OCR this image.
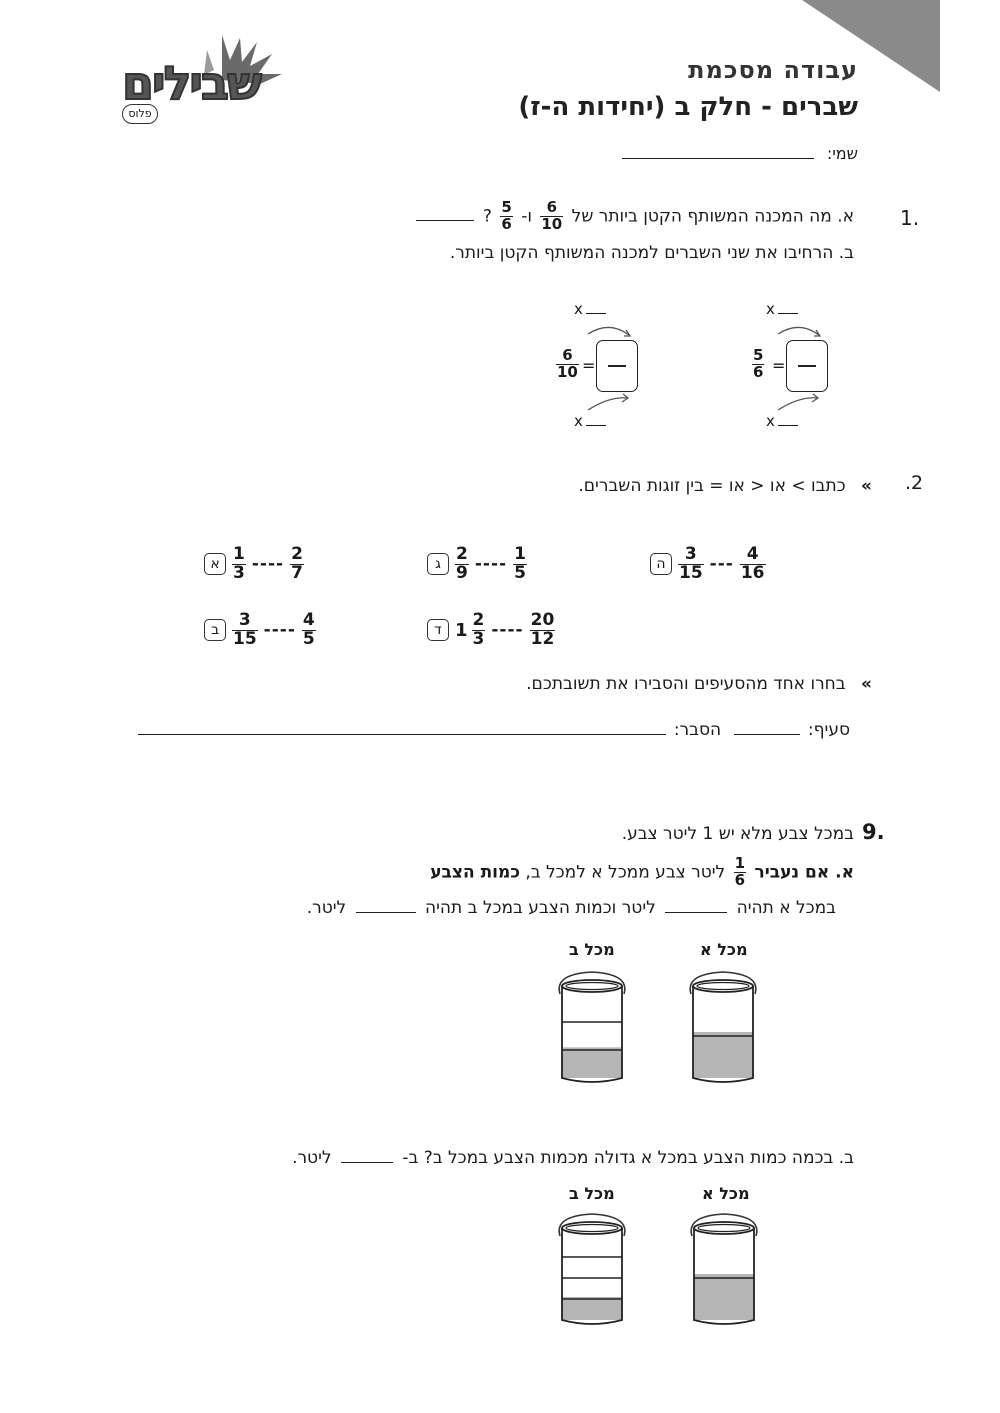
שבילים
פלוס
עבודה מסכמת
שברים - חלק ב (יחידות ה-ז)
שמי:
1.
א. מה המכנה המשותף הקטן ביותר של
$\frac{6}{10}$
ו-
$\frac{5}{6}$
?
ב. הרחיבו את שני השברים למכנה המשותף הקטן ביותר.
x
$\frac{6}{10}$ =
x
x
$\frac{5}{6}$ =
x
.2
» כתבו > או < או = בין זוגות השברים.
א $\frac{1}{3}$ ---- $\frac{2}{7}$	ג $\frac{2}{9}$ ---- $\frac{1}{5}$	ה $\frac{3}{15}$ --- $\frac{4}{16}$
ב $\frac{3}{15}$ ---- $\frac{4}{5}$	ד $1 \frac{2}{3}$ ---- $\frac{20}{12}$
» בחרו אחד מהסעיפים והסבירו את תשובתכם.
סעיף:  הסבר:
9.
במכל צבע מלא יש 1 ליטר צבע.
א. אם נעביר
$\frac{1}{6}$
ליטר צבע ממכל א למכל ב, כמות הצבע
במכל א תהיה  ליטר וכמות הצבע במכל ב תהיה  ליטר.
מכל א
מכל ב
ב. בכמה כמות הצבע במכל א גדולה מכמות הצבע במכל ב? ב-  ליטר.
מכל א
מכל ב
